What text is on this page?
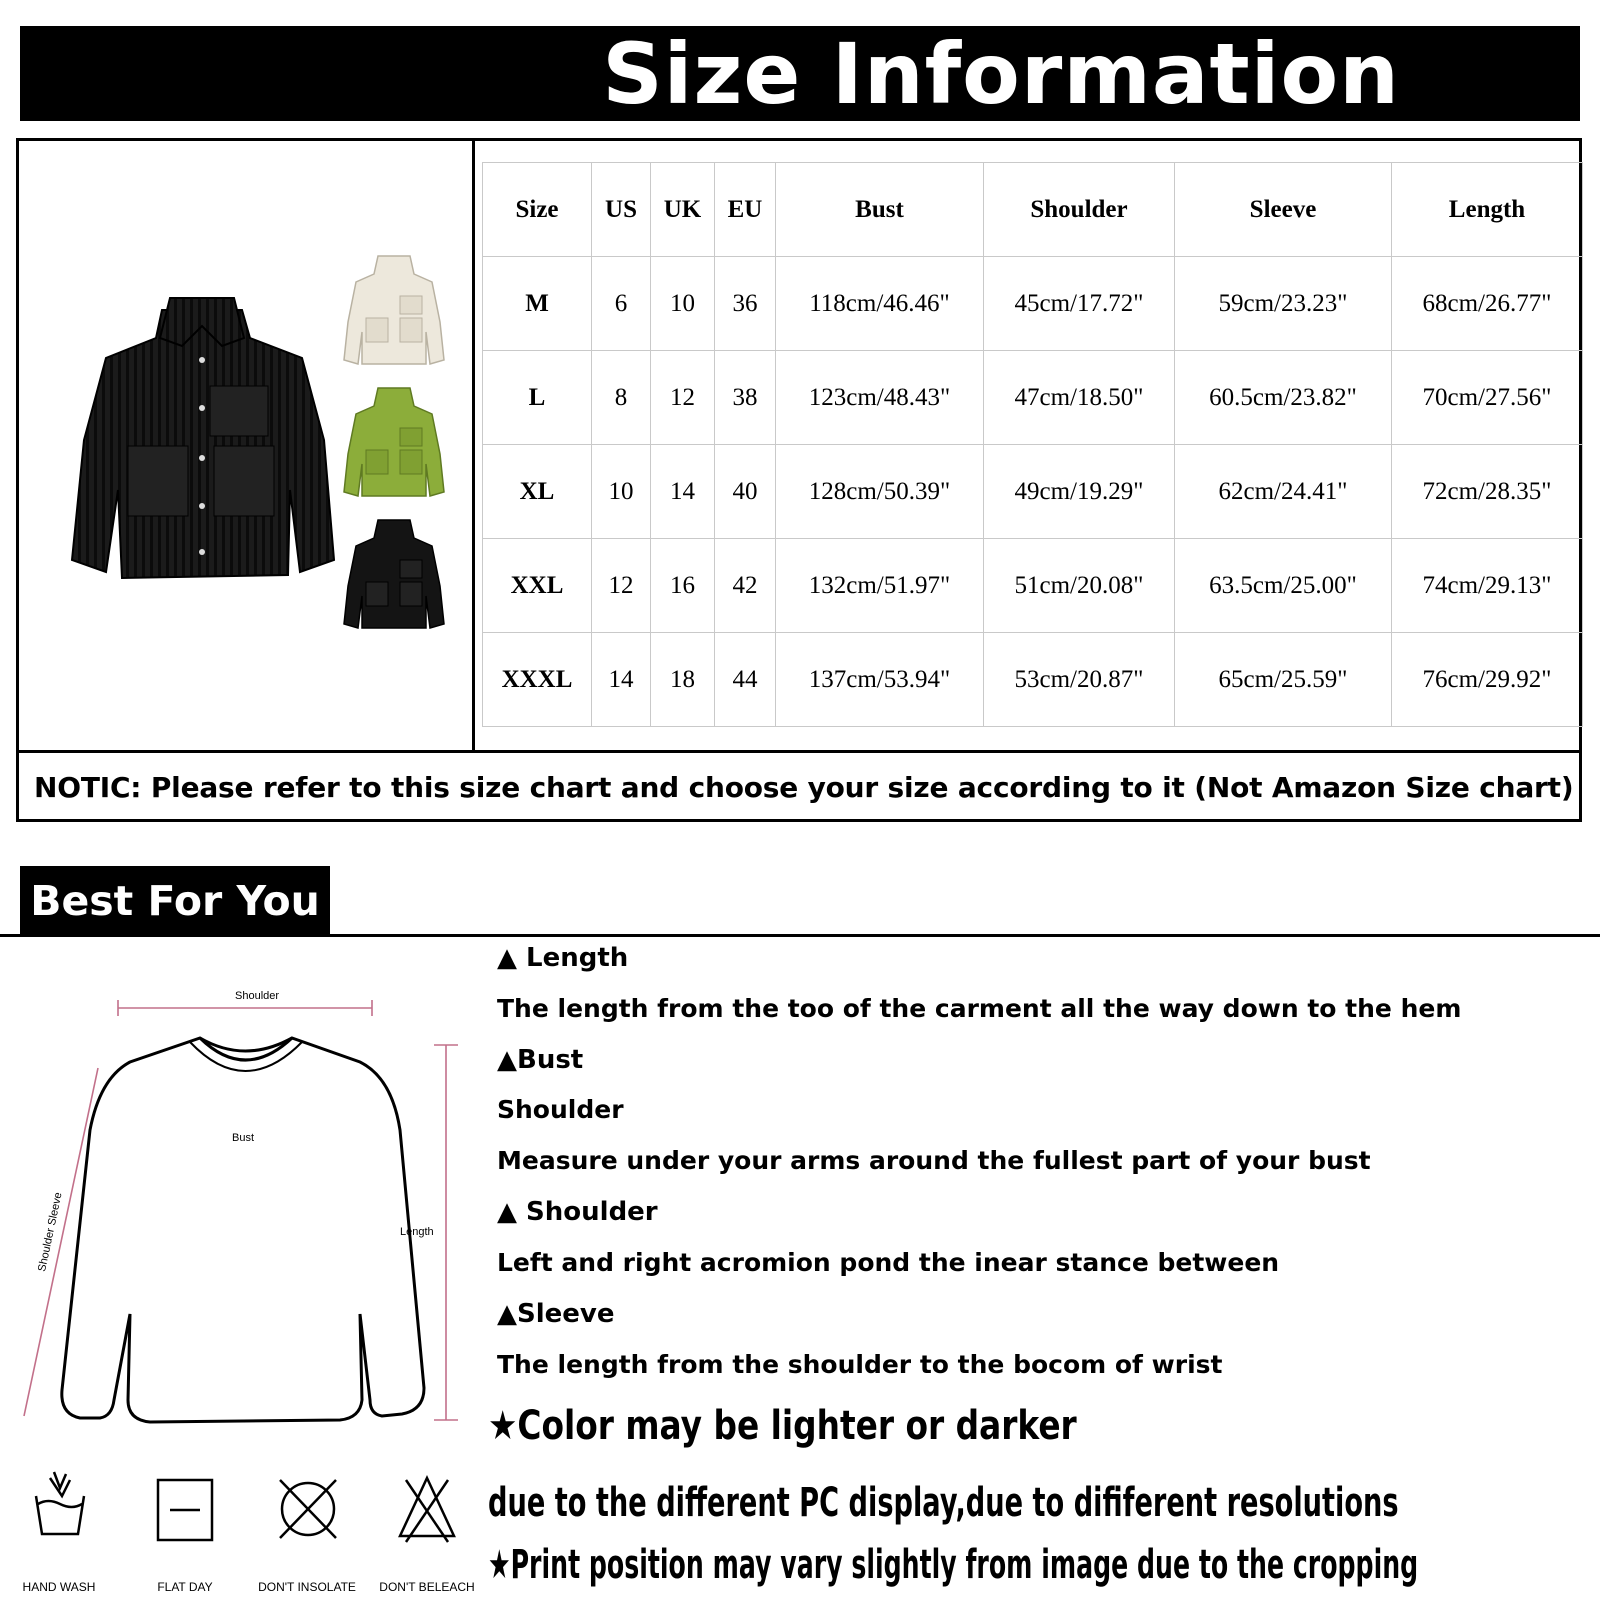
Size Information
Size	US	UK	EU	Bust	Shoulder	Sleeve	Length
M	6	10	36	118cm/46.46"	45cm/17.72"	59cm/23.23"	68cm/26.77"
L	8	12	38	123cm/48.43"	47cm/18.50"	60.5cm/23.82"	70cm/27.56"
XL	10	14	40	128cm/50.39"	49cm/19.29"	62cm/24.41"	72cm/28.35"
XXL	12	16	42	132cm/51.97"	51cm/20.08"	63.5cm/25.00"	74cm/29.13"
XXXL	14	18	44	137cm/53.94"	53cm/20.87"	65cm/25.59"	76cm/29.92"
NOTIC: Please refer to this size chart and choose your size according to it (Not Amazon Size chart)
Best For You
Shoulder
Bust
Length
Shoulder Sleeve
▲ Length
The length from the too of the carment all the way down to the hem
▲Bust
Shoulder
Measure under your arms around the fullest part of your bust
▲ Shoulder
Left and right acromion pond the inear stance between
▲Sleeve
The length from the shoulder to the bocom of wrist
★Color may be lighter or darker
due to the different PC display,due to dififerent resolutions
★Print position may vary slightly from image due to the cropping
HAND WASH	FLAT DAY	DON'T INSOLATE	DON'T BELEACH
